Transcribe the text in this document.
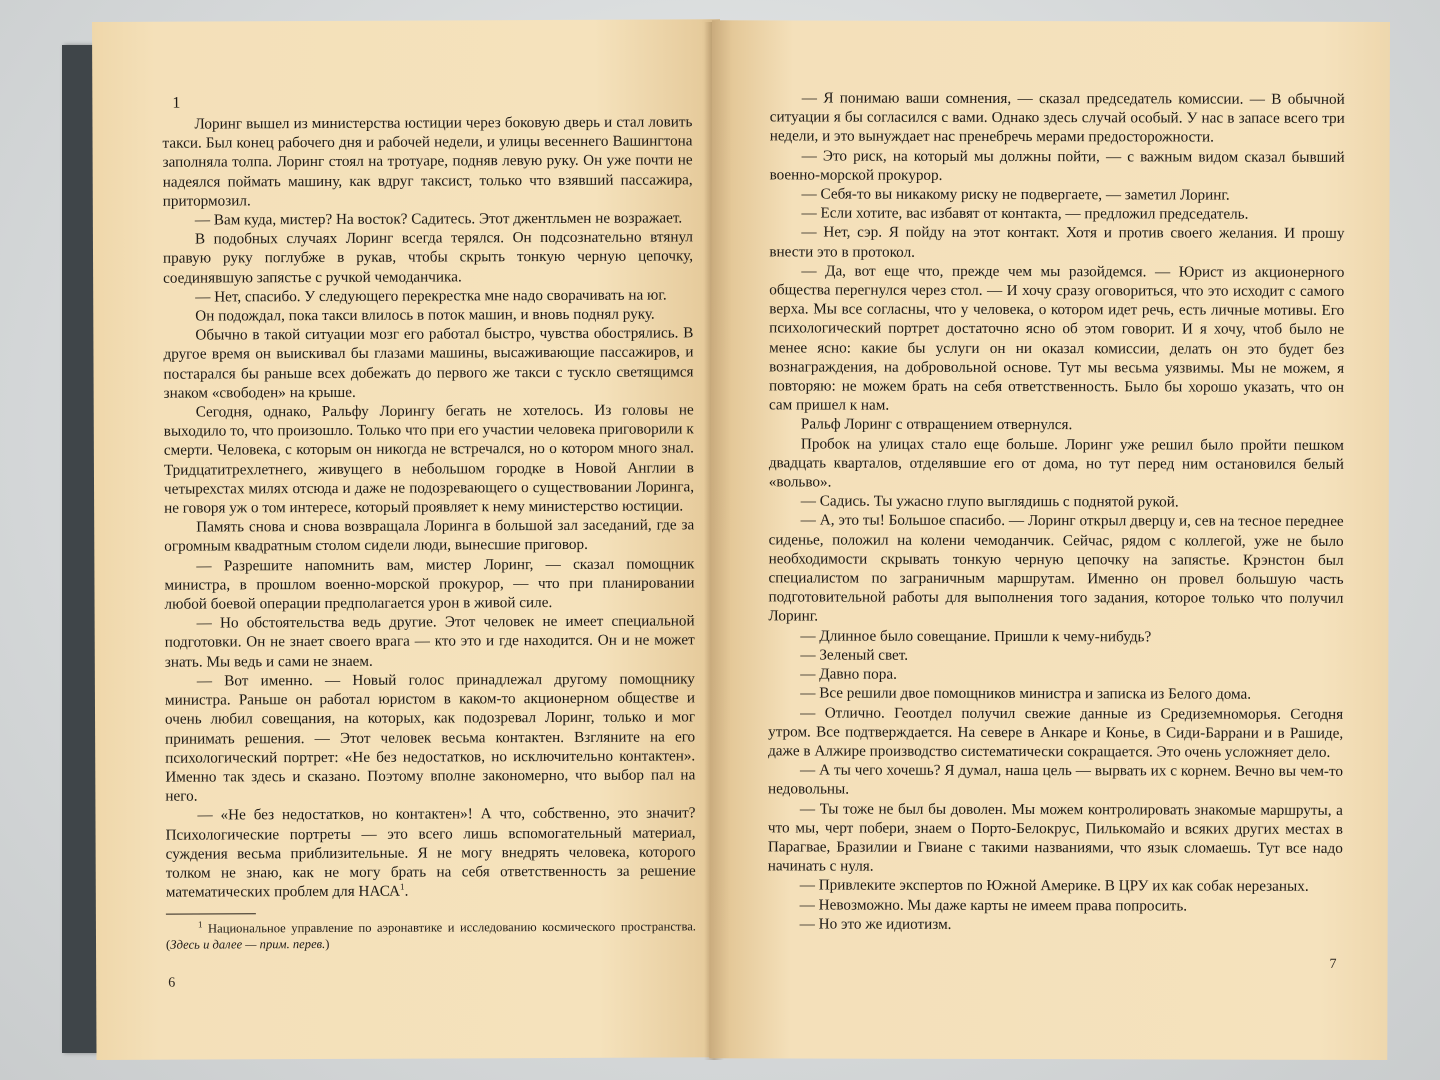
1

Лоринг вышел из министерства юстиции через боковую дверь и стал ловить такси. Был конец рабочего дня и рабочей недели, и улицы весеннего Вашингтона заполняла толпа. Лоринг стоял на тротуаре, подняв левую руку. Он уже почти не надеялся поймать машину, как вдруг таксист, только что взявший пассажира, притормозил.

— Вам куда, мистер? На восток? Садитесь. Этот джентльмен не возражает.

В подобных случаях Лоринг всегда терялся. Он подсознательно втянул правую руку поглубже в рукав, чтобы скрыть тонкую черную цепочку, соединявшую запястье с ручкой чемоданчика.

— Нет, спасибо. У следующего перекрестка мне надо сворачивать на юг.

Он подождал, пока такси влилось в поток машин, и вновь поднял руку.

Обычно в такой ситуации мозг его работал быстро, чувства обострялись. В другое время он выискивал бы глазами машины, высаживающие пассажиров, и постарался бы раньше всех добежать до первого же такси с тускло светящимся знаком «свободен» на крыше.

Сегодня, однако, Ральфу Лорингу бегать не хотелось. Из головы не выходило то, что произошло. Только что при его участии человека приговорили к смерти. Человека, с которым он никогда не встречался, но о котором много знал. Тридцатитрехлетнего, живущего в небольшом городке в Новой Англии в четырехстах милях отсюда и даже не подозревающего о существовании Лоринга, не говоря уж о том интересе, который проявляет к нему министерство юстиции.

Память снова и снова возвращала Лоринга в большой зал заседаний, где за огромным квадратным столом сидели люди, вынесшие приговор.

— Разрешите напомнить вам, мистер Лоринг, — сказал помощник министра, в прошлом военно-морской прокурор, — что при планировании любой боевой операции предполагается урон в живой силе.

— Но обстоятельства ведь другие. Этот человек не имеет специальной подготовки. Он не знает своего врага — кто это и где находится. Он и не может знать. Мы ведь и сами не знаем.

— Вот именно. — Новый голос принадлежал другому помощнику министра. Раньше он работал юристом в каком-то акционерном обществе и очень любил совещания, на которых, как подозревал Лоринг, только и мог принимать решения. — Этот человек весьма контактен. Взгляните на его психологический портрет: «Не без недостатков, но исключительно контактен». Именно так здесь и сказано. Поэтому вполне закономерно, что выбор пал на него.

— «Не без недостатков, но контактен»! А что, собственно, это значит? Психологические портреты — это всего лишь вспомогательный материал, суждения весьма приблизительные. Я не могу внедрять человека, которого толком не знаю, как не могу брать на себя ответственность за решение математических проблем для НАСА$^1$.

$^1$ Национальное управление по аэронавтике и исследованию космического пространства. (Здесь и далее — прим. перев.)

6

— Я понимаю ваши сомнения, — сказал председатель комиссии. — В обычной ситуации я бы согласился с вами. Однако здесь случай особый. У нас в запасе всего три недели, и это вынуждает нас пренебречь мерами предосторожности.

— Это риск, на который мы должны пойти, — с важным видом сказал бывший военно-морской прокурор.

— Себя-то вы никакому риску не подвергаете, — заметил Лоринг.

— Если хотите, вас избавят от контакта, — предложил председатель.

— Нет, сэр. Я пойду на этот контакт. Хотя и против своего желания. И прошу внести это в протокол.

— Да, вот еще что, прежде чем мы разойдемся. — Юрист из акционерного общества перегнулся через стол. — И хочу сразу оговориться, что это исходит с самого верха. Мы все согласны, что у человека, о котором идет речь, есть личные мотивы. Его психологический портрет достаточно ясно об этом говорит. И я хочу, чтоб было не менее ясно: какие бы услуги он ни оказал комиссии, делать он это будет без вознаграждения, на добровольной основе. Тут мы весьма уязвимы. Мы не можем, я повторяю: не можем брать на себя ответственность. Было бы хорошо указать, что он сам пришел к нам.

Ральф Лоринг с отвращением отвернулся.

Пробок на улицах стало еще больше. Лоринг уже решил было пройти пешком двадцать кварталов, отделявшие его от дома, но тут перед ним остановился белый «вольво».

— Садись. Ты ужасно глупо выглядишь с поднятой рукой.

— А, это ты! Большое спасибо. — Лоринг открыл дверцу и, сев на тесное переднее сиденье, положил на колени чемоданчик. Сейчас, рядом с коллегой, уже не было необходимости скрывать тонкую черную цепочку на запястье. Крэнстон был специалистом по заграничным маршрутам. Именно он провел большую часть подготовительной работы для выполнения того задания, которое только что получил Лоринг.

— Длинное было совещание. Пришли к чему-нибудь?

— Зеленый свет.

— Давно пора.

— Все решили двое помощников министра и записка из Белого дома.

— Отлично. Геоотдел получил свежие данные из Средиземноморья. Сегодня утром. Все подтверждается. На севере в Анкаре и Конье, в Сиди-Баррани и в Рашиде, даже в Алжире производство систематически сокращается. Это очень усложняет дело.

— А ты чего хочешь? Я думал, наша цель — вырвать их с корнем. Вечно вы чем-то недовольны.

— Ты тоже не был бы доволен. Мы можем контролировать знакомые маршруты, а что мы, черт побери, знаем о Порто-Белокрус, Пилькомайо и всяких других местах в Парагвае, Бразилии и Гвиане с такими названиями, что язык сломаешь. Тут все надо начинать с нуля.

— Привлеките экспертов по Южной Америке. В ЦРУ их как собак нерезаных.

— Невозможно. Мы даже карты не имеем права попросить.

— Но это же идиотизм.

7
